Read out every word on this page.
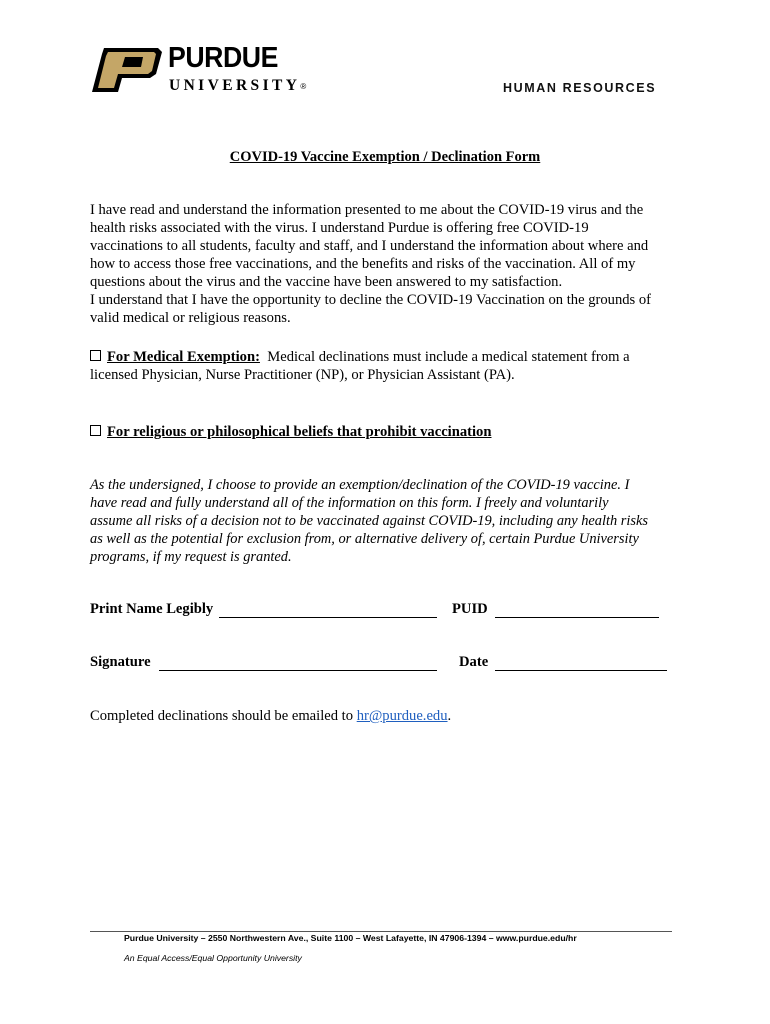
PURDUE
UNIVERSITY®	HUMAN RESOURCES
COVID-19 Vaccine Exemption / Declination Form
I have read and understand the information presented to me about the COVID-19 virus and the
health risks associated with the virus. I understand Purdue is offering free COVID-19
vaccinations to all students, faculty and staff, and I understand the information about where and
how to access those free vaccinations, and the benefits and risks of the vaccination. All of my
questions about the virus and the vaccine have been answered to my satisfaction.
I understand that I have the opportunity to decline the COVID-19 Vaccination on the grounds of
valid medical or religious reasons.
For Medical Exemption:  Medical declinations must include a medical statement from a
licensed Physician, Nurse Practitioner (NP), or Physician Assistant (PA).
For religious or philosophical beliefs that prohibit vaccination
As the undersigned, I choose to provide an exemption/declination of the COVID-19 vaccine. I
have read and fully understand all of the information on this form. I freely and voluntarily
assume all risks of a decision not to be vaccinated against COVID-19, including any health risks
as well as the potential for exclusion from, or alternative delivery of, certain Purdue University
programs, if my request is granted.
Print Name Legibly	PUID
Signature	Date
Completed declinations should be emailed to hr@purdue.edu.
Purdue University – 2550 Northwestern Ave., Suite 1100 – West Lafayette, IN 47906-1394 – www.purdue.edu/hr
An Equal Access/Equal Opportunity University
